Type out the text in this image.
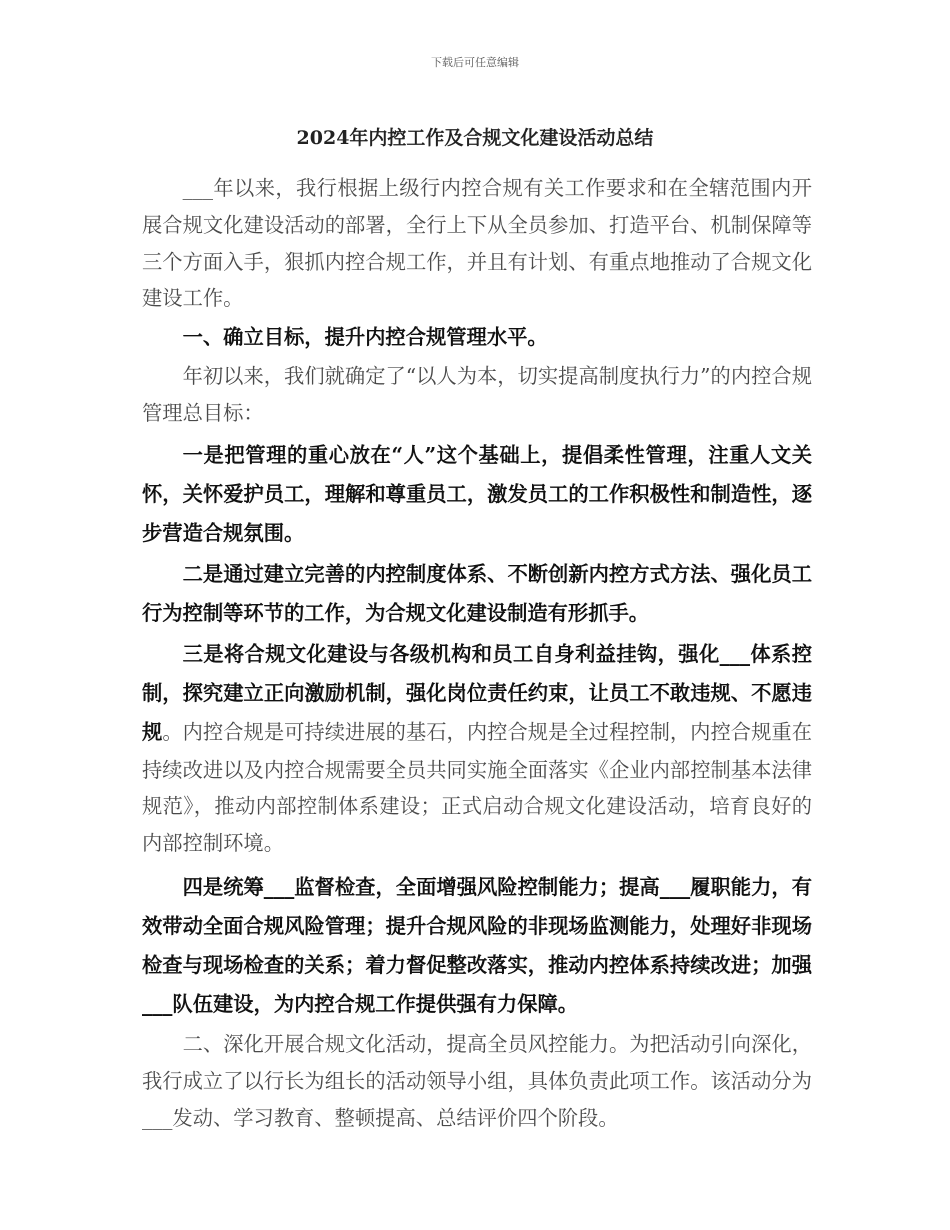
下载后可任意编辑
2024年内控工作及合规文化建设活动总结

___年以来，我行根据上级行内控合规有关工作要求和在全辖范围内开展合规文化建设活动的部署，全行上下从全员参加、打造平台、机制保障等三个方面入手，狠抓内控合规工作，并且有计划、有重点地推动了合规文化建设工作。

一、确立目标，提升内控合规管理水平。

年初以来，我们就确定了“以人为本，切实提高制度执行力”的内控合规管理总目标：

一是把管理的重心放在“人”这个基础上，提倡柔性管理，注重人文关怀，关怀爱护员工，理解和尊重员工，激发员工的工作积极性和制造性，逐步营造合规氛围。

二是通过建立完善的内控制度体系、不断创新内控方式方法、强化员工行为控制等环节的工作，为合规文化建设制造有形抓手。

三是将合规文化建设与各级机构和员工自身利益挂钩，强化___体系控制，探究建立正向激励机制，强化岗位责任约束，让员工不敢违规、不愿违规。内控合规是可持续进展的基石，内控合规是全过程控制，内控合规重在持续改进以及内控合规需要全员共同实施全面落实《企业内部控制基本法律规范》，推动内部控制体系建设；正式启动合规文化建设活动，培育良好的内部控制环境。

四是统筹___监督检查，全面增强风险控制能力；提高___履职能力，有效带动全面合规风险管理；提升合规风险的非现场监测能力，处理好非现场检查与现场检查的关系；着力督促整改落实，推动内控体系持续改进；加强___队伍建设，为内控合规工作提供强有力保障。

二、深化开展合规文化活动，提高全员风控能力。为把活动引向深化，我行成立了以行长为组长的活动领导小组，具体负责此项工作。该活动分为___发动、学习教育、整顿提高、总结评价四个阶段。
